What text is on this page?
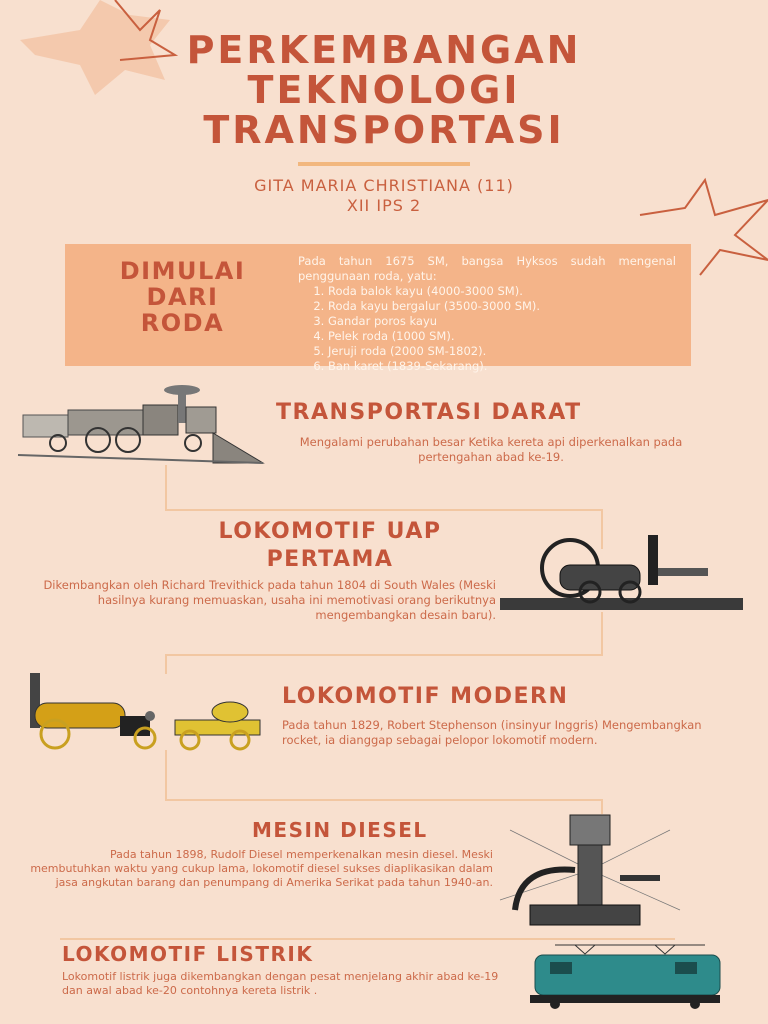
PERKEMBANGAN
TEKNOLOGI
TRANSPORTASI
GITA MARIA CHRISTIANA (11)
XII IPS 2
DIMULAI
DARI
RODA
Pada tahun 1675 SM, bangsa Hyksos sudah mengenal penggunaan roda, yatu:
1. Roda balok kayu (4000-3000 SM).
2. Roda kayu bergalur (3500-3000 SM).
3. Gandar poros kayu
4. Pelek roda (1000 SM).
5. Jeruji roda (2000 SM-1802).
6. Ban karet (1839-Sekarang).
TRANSPORTASI DARAT
Mengalami perubahan besar Ketika kereta api diperkenalkan pada pertengahan abad ke-19.
LOKOMOTIF UAP
PERTAMA
Dikembangkan oleh Richard Trevithick pada tahun 1804 di South Wales (Meski hasilnya kurang memuaskan, usaha ini memotivasi orang berikutnya mengembangkan desain baru).
LOKOMOTIF MODERN
Pada tahun 1829, Robert Stephenson (insinyur Inggris) Mengembangkan rocket, ia dianggap sebagai pelopor lokomotif modern.
MESIN DIESEL
Pada tahun 1898, Rudolf Diesel memperkenalkan mesin diesel. Meski membutuhkan waktu yang cukup lama, lokomotif diesel sukses diaplikasikan dalam jasa angkutan barang dan penumpang di Amerika Serikat pada tahun 1940-an.
LOKOMOTIF LISTRIK
Lokomotif listrik juga dikembangkan dengan pesat menjelang akhir abad ke-19 dan awal abad ke-20 contohnya kereta listrik .
